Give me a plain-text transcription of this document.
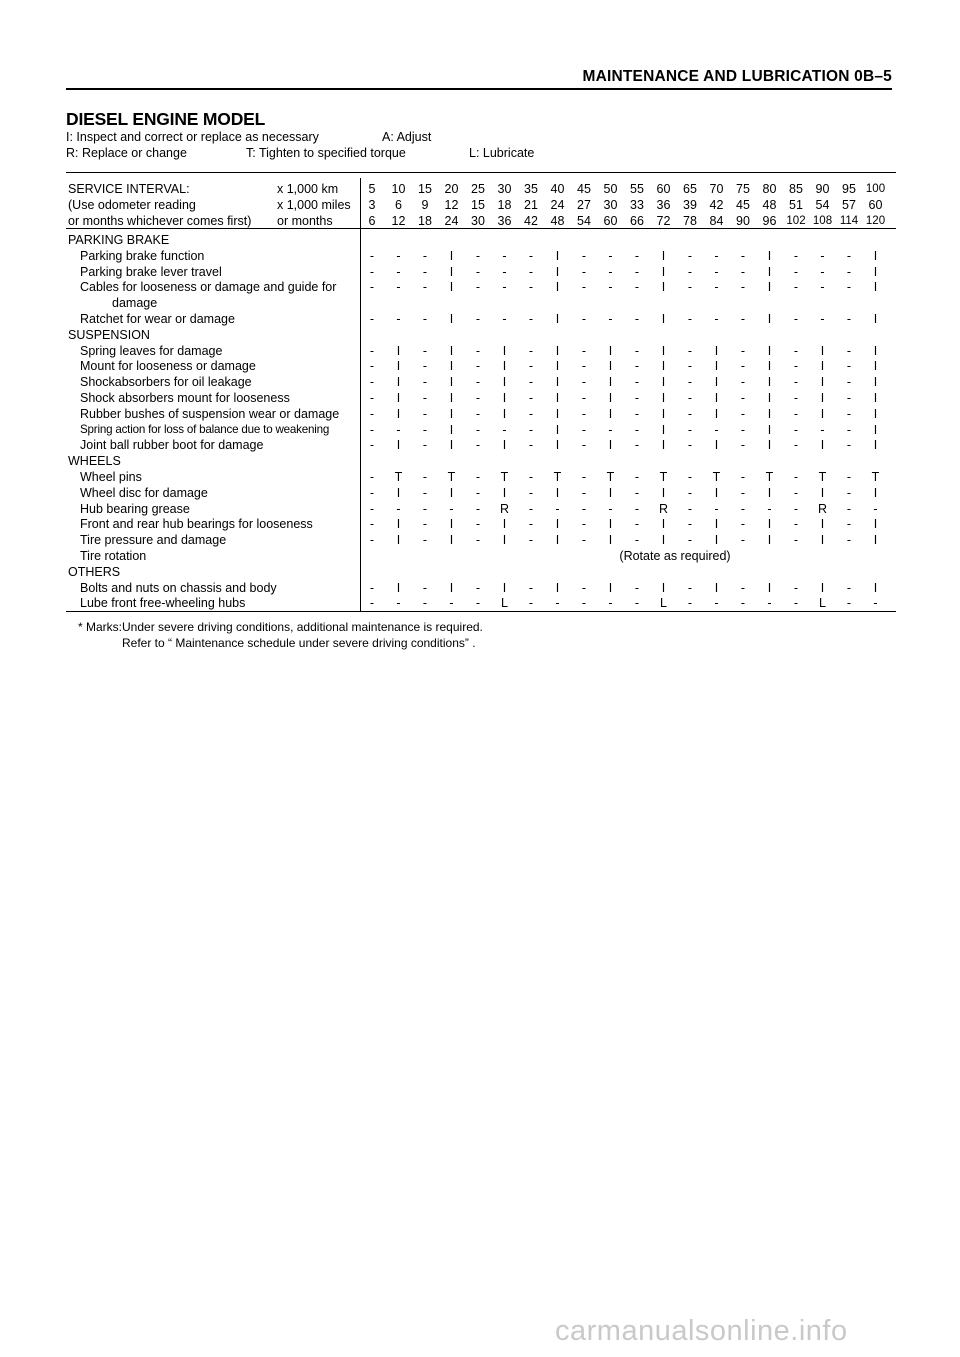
MAINTENANCE AND LUBRICATION 0B–5
DIESEL ENGINE MODEL
I: Inspect and correct or replace as necessary	A: Adjust
R: Replace or change	T: Tighten to specified torque	L: Lubricate
SERVICE INTERVAL:	x 1,000 km	5	10	15	20	25	30	35	40	45	50	55	60	65	70	75	80	85	90	95 100
(Use odometer reading	x 1,000 miles	3	6	9	12	15	18	21	24	27	30	33	36	39	42	45	48	51	54	57	60
or months whichever comes first) or months	6	12	18	24	30	36	42	48	54	60	66	72	78	84	90	96 102 108 114 120
PARKING BRAKE
Parking brake function	-	-	-	I	-	-	-	I	-	-	-	I	-	-	-	I	-	-	-	I
Parking brake lever travel	-	-	-	I	-	-	-	I	-	-	-	I	-	-	-	I	-	-	-	I
Cables for looseness or damage and guide for	-	-	-	I	-	-	-	I	-	-	-	I	-	-	-	I	-	-	-	I
damage
Ratchet for wear or damage	-	-	-	I	-	-	-	I	-	-	-	I	-	-	-	I	-	-	-	I
SUSPENSION
Spring leaves for damage	-	I	-	I	-	I	-	I	-	I	-	I	-	I	-	I	-	I	-	I
Mount for looseness or damage	-	I	-	I	-	I	-	I	-	I	-	I	-	I	-	I	-	I	-	I
Shockabsorbers for oil leakage	-	I	-	I	-	I	-	I	-	I	-	I	-	I	-	I	-	I	-	I
Shock absorbers mount for looseness	-	I	-	I	-	I	-	I	-	I	-	I	-	I	-	I	-	I	-	I
Rubber bushes of suspension wear or damage	-	I	-	I	-	I	-	I	-	I	-	I	-	I	-	I	-	I	-	I
Spring action for loss of balance due to weakening	-	-	-	I	-	-	-	I	-	-	-	I	-	-	-	I	-	-	-	I
Joint ball rubber boot for damage	-	I	-	I	-	I	-	I	-	I	-	I	-	I	-	I	-	I	-	I
WHEELS
Wheel pins	-	T	-	T	-	T	-	T	-	T	-	T	-	T	-	T	-	T	-	T
Wheel disc for damage	-	I	-	I	-	I	-	I	-	I	-	I	-	I	-	I	-	I	-	I
Hub bearing grease	-	-	-	-	-	R	-	-	-	-	-	R	-	-	-	-	-	R	-	-
Front and rear hub bearings for looseness	-	I	-	I	-	I	-	I	-	I	-	I	-	I	-	I	-	I	-	I
Tire pressure and damage	-	I	-	I	-	I	-	I	-	I	-	I	-	I	-	I	-	I	-	I
Tire rotation	(Rotate as required)
OTHERS
Bolts and nuts on chassis and body	-	I	-	I	-	I	-	I	-	I	-	I	-	I	-	I	-	I	-	I
Lube front free-wheeling hubs	-	-	-	-	-	L	-	-	-	-	-	L	-	-	-	-	-	L	-	-
* Marks:Under severe driving conditions, additional maintenance is required.
Refer to “ Maintenance schedule under severe driving conditions” .
carmanualsonline.info
